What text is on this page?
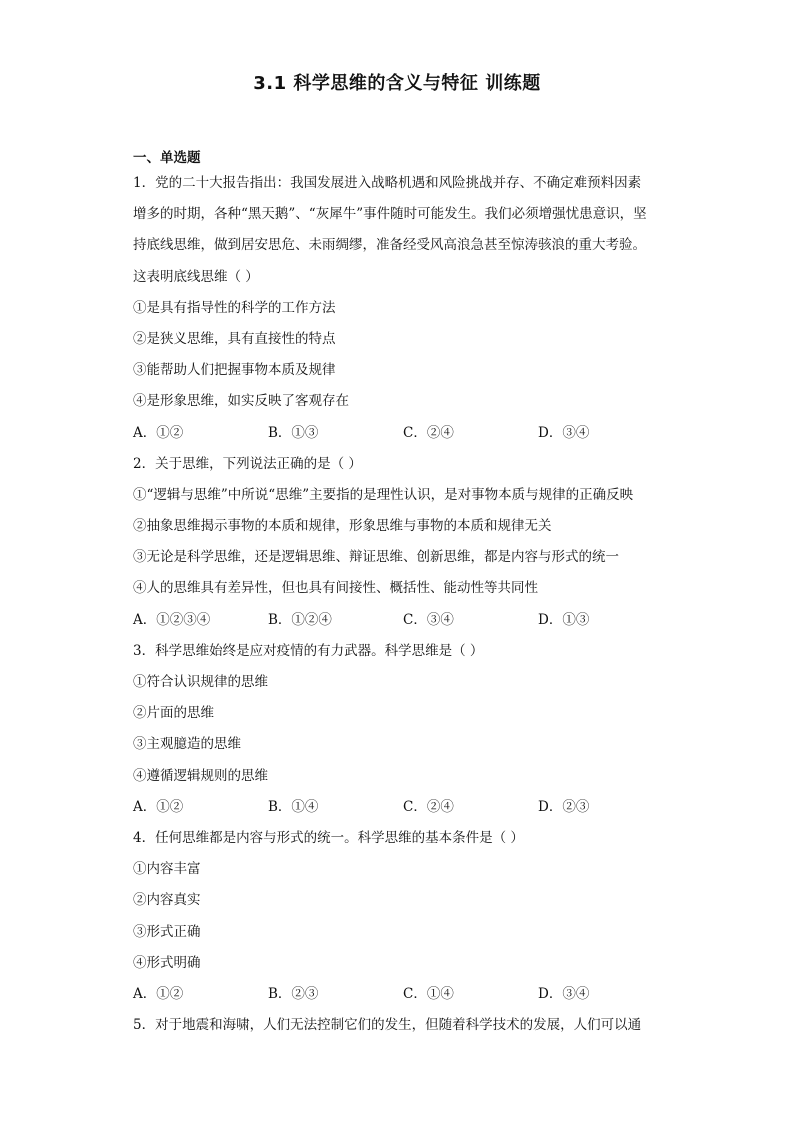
3.1 科学思维的含义与特征 训练题
一、单选题
1．党的二十大报告指出：我国发展进入战略机遇和风险挑战并存、不确定难预料因素
增多的时期，各种“黑天鹅”、“灰犀牛”事件随时可能发生。我们必须增强忧患意识，坚
持底线思维，做到居安思危、未雨绸缪，准备经受风高浪急甚至惊涛骇浪的重大考验。
这表明底线思维（ ）
①是具有指导性的科学的工作方法
②是狭义思维，具有直接性的特点
③能帮助人们把握事物本质及规律
④是形象思维，如实反映了客观存在
A．①②	B．①③	C．②④	D．③④
2．关于思维，下列说法正确的是（ ）
①“逻辑与思维”中所说“思维”主要指的是理性认识，是对事物本质与规律的正确反映
②抽象思维揭示事物的本质和规律，形象思维与事物的本质和规律无关
③无论是科学思维，还是逻辑思维、辩证思维、创新思维，都是内容与形式的统一
④人的思维具有差异性，但也具有间接性、概括性、能动性等共同性
A．①②③④	B．①②④	C．③④	D．①③
3．科学思维始终是应对疫情的有力武器。科学思维是（ ）
①符合认识规律的思维
②片面的思维
③主观臆造的思维
④遵循逻辑规则的思维
A．①②	B．①④	C．②④	D．②③
4．任何思维都是内容与形式的统一。科学思维的基本条件是（ ）
①内容丰富
②内容真实
③形式正确
④形式明确
A．①②	B．②③	C．①④	D．③④
5．对于地震和海啸，人们无法控制它们的发生，但随着科学技术的发展，人们可以通
